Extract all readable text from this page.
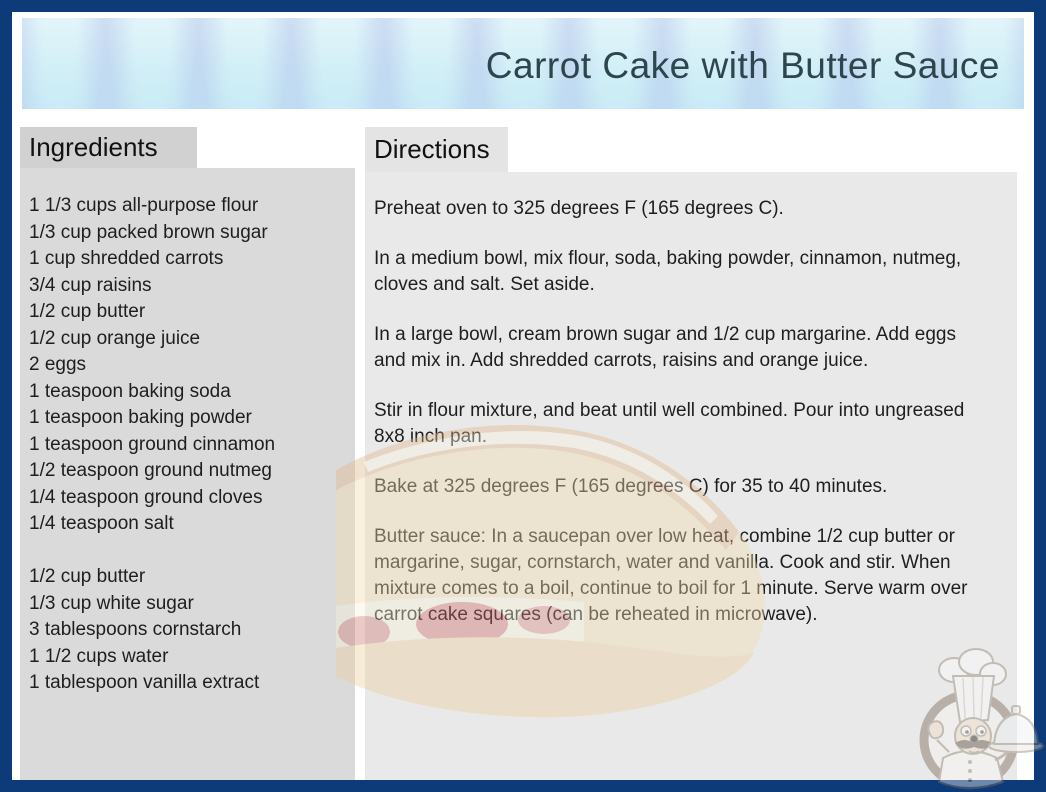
Carrot Cake with Butter Sauce
Ingredients
1 1/3 cups all-purpose flour
1/3 cup packed brown sugar
1 cup shredded carrots
3/4 cup raisins
1/2 cup butter
1/2 cup orange juice
2 eggs
1 teaspoon baking soda
1 teaspoon baking powder
1 teaspoon ground cinnamon
1/2 teaspoon ground nutmeg
1/4 teaspoon ground cloves
1/4 teaspoon salt

1/2 cup butter
1/3 cup white sugar
3 tablespoons cornstarch
1 1/2 cups water
1 tablespoon vanilla extract
Directions
Preheat oven to 325 degrees F (165 degrees C).
In a medium bowl, mix flour, soda, baking powder, cinnamon, nutmeg, cloves and salt. Set aside.
In a large bowl, cream brown sugar and 1/2 cup margarine. Add eggs and mix in. Add shredded carrots, raisins and orange juice.
Stir in flour mixture, and beat until well combined. Pour into ungreased 8x8 inch pan.
Bake at 325 degrees F (165 degrees C) for 35 to 40 minutes.
Butter sauce: In a saucepan over low heat, combine 1/2 cup butter or margarine, sugar, cornstarch, water and vanilla. Cook and stir. When mixture comes to a boil, continue to boil for 1 minute. Serve warm over carrot cake squares (can be reheated in microwave).
